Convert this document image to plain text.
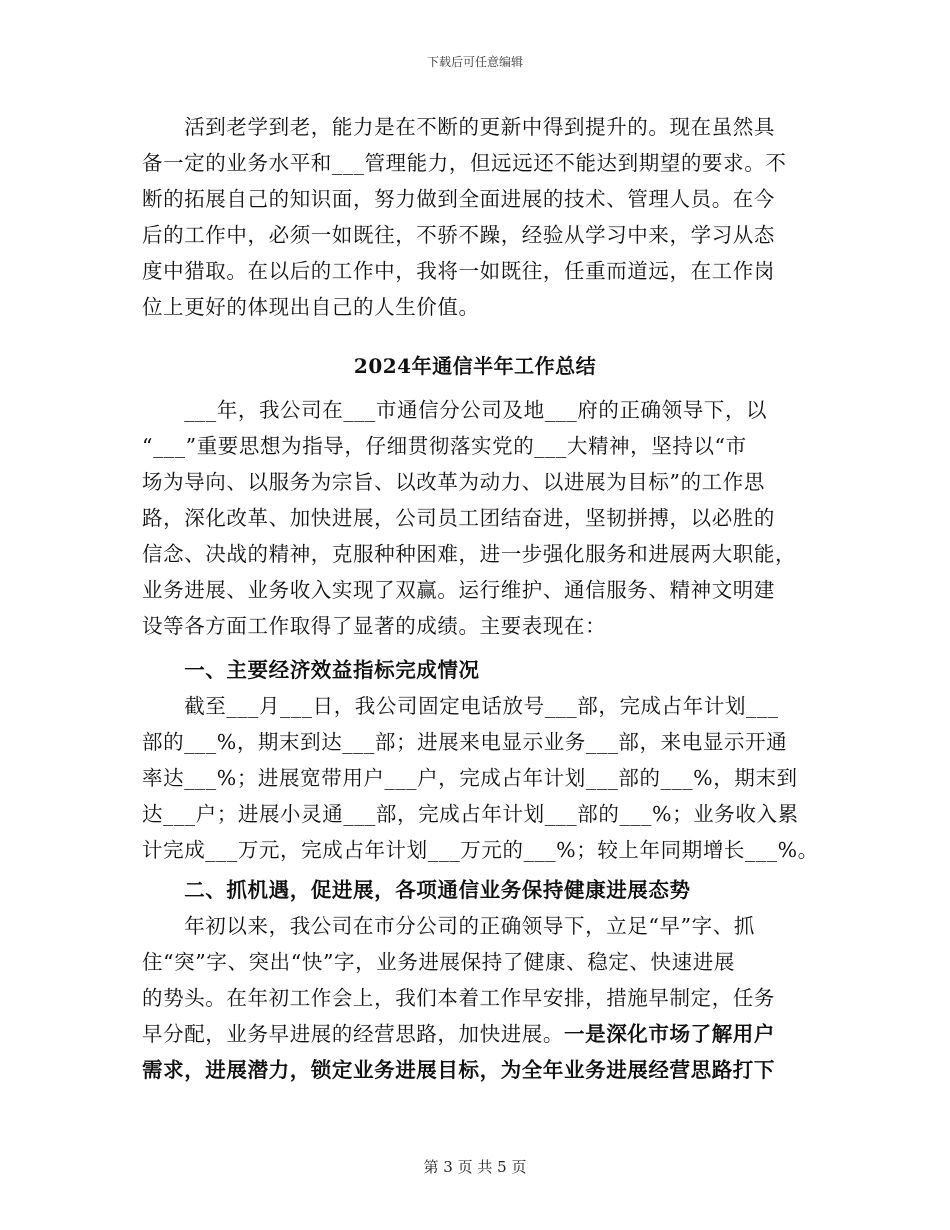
下载后可任意编辑
2024年通信半年工作总结
　　活到老学到老，能力是在不断的更新中得到提升的。现在虽然具
备一定的业务水平和___管理能力，但远远还不能达到期望的要求。不
断的拓展自己的知识面，努力做到全面进展的技术、管理人员。在今
后的工作中，必须一如既往，不骄不躁，经验从学习中来，学习从态
度中猎取。在以后的工作中，我将一如既往，任重而道远，在工作岗
位上更好的体现出自己的人生价值。
　　___年，我公司在___市通信分公司及地___府的正确领导下，以
“___”重要思想为指导，仔细贯彻落实党的___大精神，坚持以“市
场为导向、以服务为宗旨、以改革为动力、以进展为目标”的工作思
路，深化改革、加快进展，公司员工团结奋进，坚韧拼搏，以必胜的
信念、决战的精神，克服种种困难，进一步强化服务和进展两大职能，
业务进展、业务收入实现了双赢。运行维护、通信服务、精神文明建
设等各方面工作取得了显著的成绩。主要表现在：
　　一、主要经济效益指标完成情况
　　截至___月___日，我公司固定电话放号___部，完成占年计划___
部的___%，期末到达___部；进展来电显示业务___部，来电显示开通
率达___%；进展宽带用户___户，完成占年计划___部的___%，期末到
达___户；进展小灵通___部，完成占年计划___部的___%；业务收入累
计完成___万元，完成占年计划___万元的___%；较上年同期增长___%。
　　二、抓机遇，促进展，各项通信业务保持健康进展态势
　　年初以来，我公司在市分公司的正确领导下，立足“早”字、抓
住“突”字、突出“快”字，业务进展保持了健康、稳定、快速进展
的势头。在年初工作会上，我们本着工作早安排，措施早制定，任务
早分配，业务早进展的经营思路，加快进展。一是深化市场了解用户
需求，进展潜力，锁定业务进展目标，为全年业务进展经营思路打下
第 3 页 共 5 页
